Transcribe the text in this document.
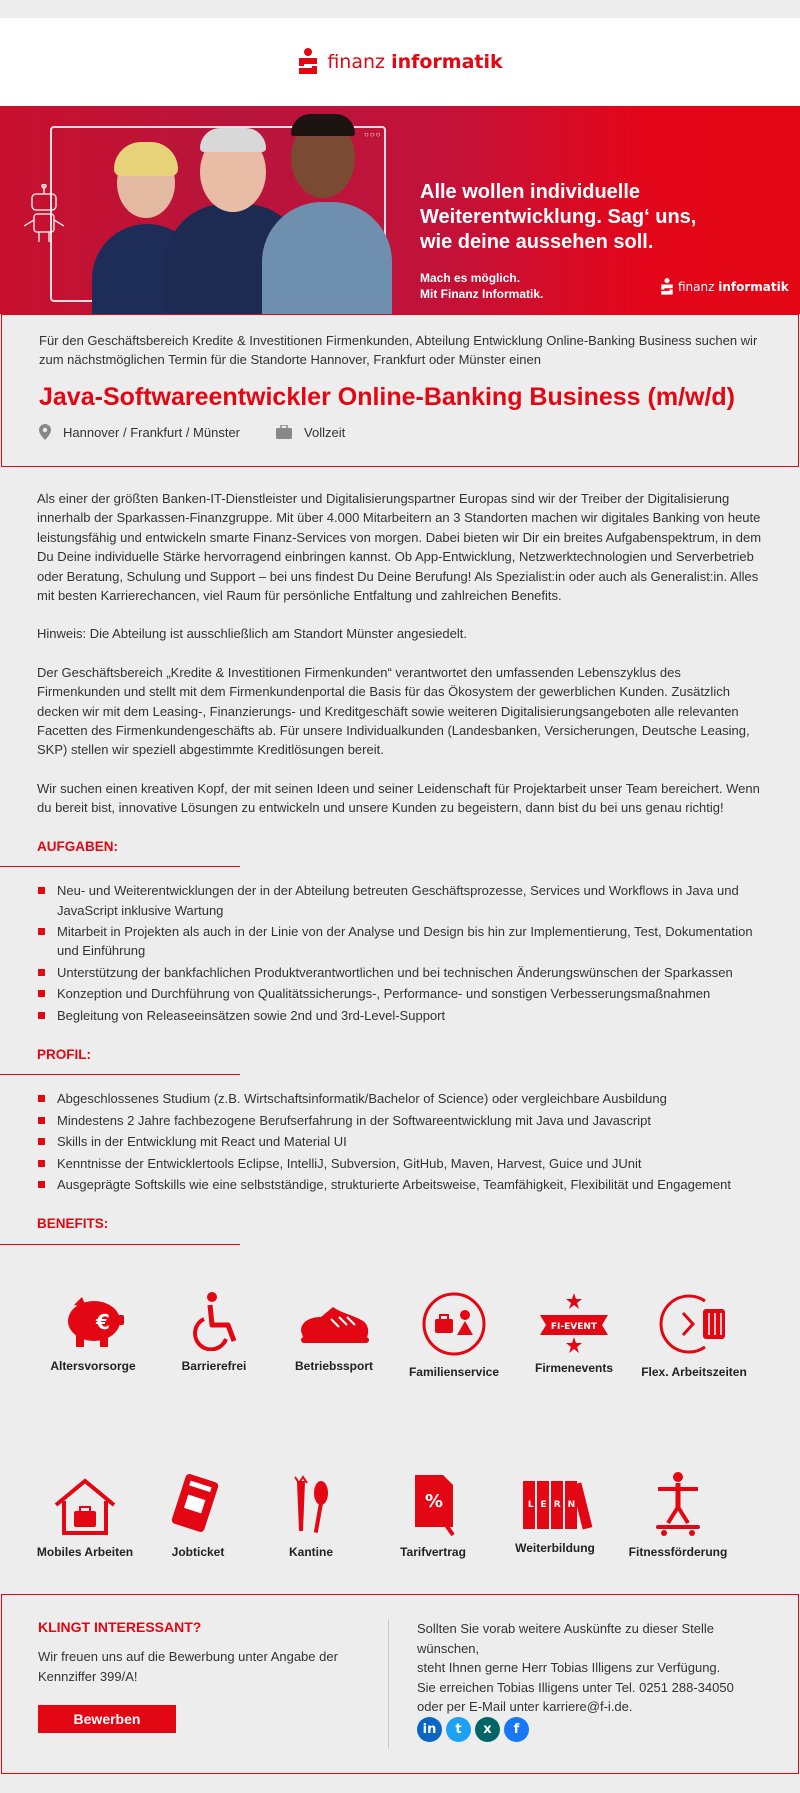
finanz informatik
○○○
Alle wollen individuelle
Weiterentwicklung. Sag‘ uns,
wie deine aussehen soll.
Mach es möglich.
Mit Finanz Informatik.	finanz informatik

Für den Geschäftsbereich Kredite & Investitionen Firmenkunden, Abteilung Entwicklung Online-Banking Business suchen wir zum nächstmöglichen Termin für die Standorte Hannover, Frankfurt oder Münster einen

Java-Softwareentwickler Online-Banking Business (m/w/d)
Hannover / Frankfurt / Münster	Vollzeit

Als einer der größten Banken-IT-Dienstleister und Digitalisierungspartner Europas sind wir der Treiber der Digitalisierung innerhalb der Sparkassen-Finanzgruppe. Mit über 4.000 Mitarbeitern an 3 Standorten machen wir digitales Banking von heute leistungsfähig und entwickeln smarte Finanz-Services von morgen. Dabei bieten wir Dir ein breites Aufgabenspektrum, in dem Du Deine individuelle Stärke hervorragend einbringen kannst. Ob App-Entwicklung, Netzwerktechnologien und Serverbetrieb oder Beratung, Schulung und Support – bei uns findest Du Deine Berufung! Als Spezialist:in oder auch als Generalist:in. Alles mit besten Karrierechancen, viel Raum für persönliche Entfaltung und zahlreichen Benefits.

Hinweis: Die Abteilung ist ausschließlich am Standort Münster angesiedelt.

Der Geschäftsbereich „Kredite & Investitionen Firmenkunden“ verantwortet den umfassenden Lebenszyklus des Firmenkunden und stellt mit dem Firmenkundenportal die Basis für das Ökosystem der gewerblichen Kunden. Zusätzlich decken wir mit dem Leasing-, Finanzierungs- und Kreditgeschäft sowie weiteren Digitalisierungsangeboten alle relevanten Facetten des Firmenkundengeschäfts ab. Für unsere Individualkunden (Landesbanken, Versicherungen, Deutsche Leasing, SKP) stellen wir speziell abgestimmte Kreditlösungen bereit.

Wir suchen einen kreativen Kopf, der mit seinen Ideen und seiner Leidenschaft für Projektarbeit unser Team bereichert. Wenn du bereit bist, innovative Lösungen zu entwickeln und unsere Kunden zu begeistern, dann bist du bei uns genau richtig!

AUFGABEN:
Neu- und Weiterentwicklungen der in der Abteilung betreuten Geschäftsprozesse, Services und Workflows in Java und JavaScript inklusive Wartung
Mitarbeit in Projekten als auch in der Linie von der Analyse und Design bis hin zur Implementierung, Test, Dokumentation und Einführung
Unterstützung der bankfachlichen Produktverantwortlichen und bei technischen Änderungswünschen der Sparkassen
Konzeption und Durchführung von Qualitätssicherungs-, Performance- und sonstigen Verbesserungsmaßnahmen
Begleitung von Releaseeinsätzen sowie 2nd und 3rd-Level-Support
PROFIL:
Abgeschlossenes Studium (z.B. Wirtschaftsinformatik/Bachelor of Science) oder vergleichbare Ausbildung
Mindestens 2 Jahre fachbezogene Berufserfahrung in der Softwareentwicklung mit Java und Javascript
Skills in der Entwicklung mit React und Material UI
Kenntnisse der Entwicklertools Eclipse, IntelliJ, Subversion, GitHub, Maven, Harvest, Guice und JUnit
Ausgeprägte Softskills wie eine selbstständige, strukturierte Arbeitsweise, Teamfähigkeit, Flexibilität und Engagement
BENEFITS:
€
Altersvorsorge	Barrierefrei	Betriebssport	Familienservice
FI-EVENT
Firmenevents	Flex. Arbeitszeiten
Mobiles Arbeiten	Jobticket	Kantine
%
Tarifvertrag
LERN
Weiterbildung	Fitnessförderung
KLINGT INTERESSANT?

Wir freuen uns auf die Bewerbung unter Angabe der Kennziffer 399/A!

Bewerben
Sollten Sie vorab weitere Auskünfte zu dieser Stelle wünschen,
steht Ihnen gerne Herr Tobias Illigens zur Verfügung.
Sie erreichen Tobias Illigens unter Tel. 0251 288-34050
oder per E-Mail unter karriere@f-i.de.
in	t	x	f
